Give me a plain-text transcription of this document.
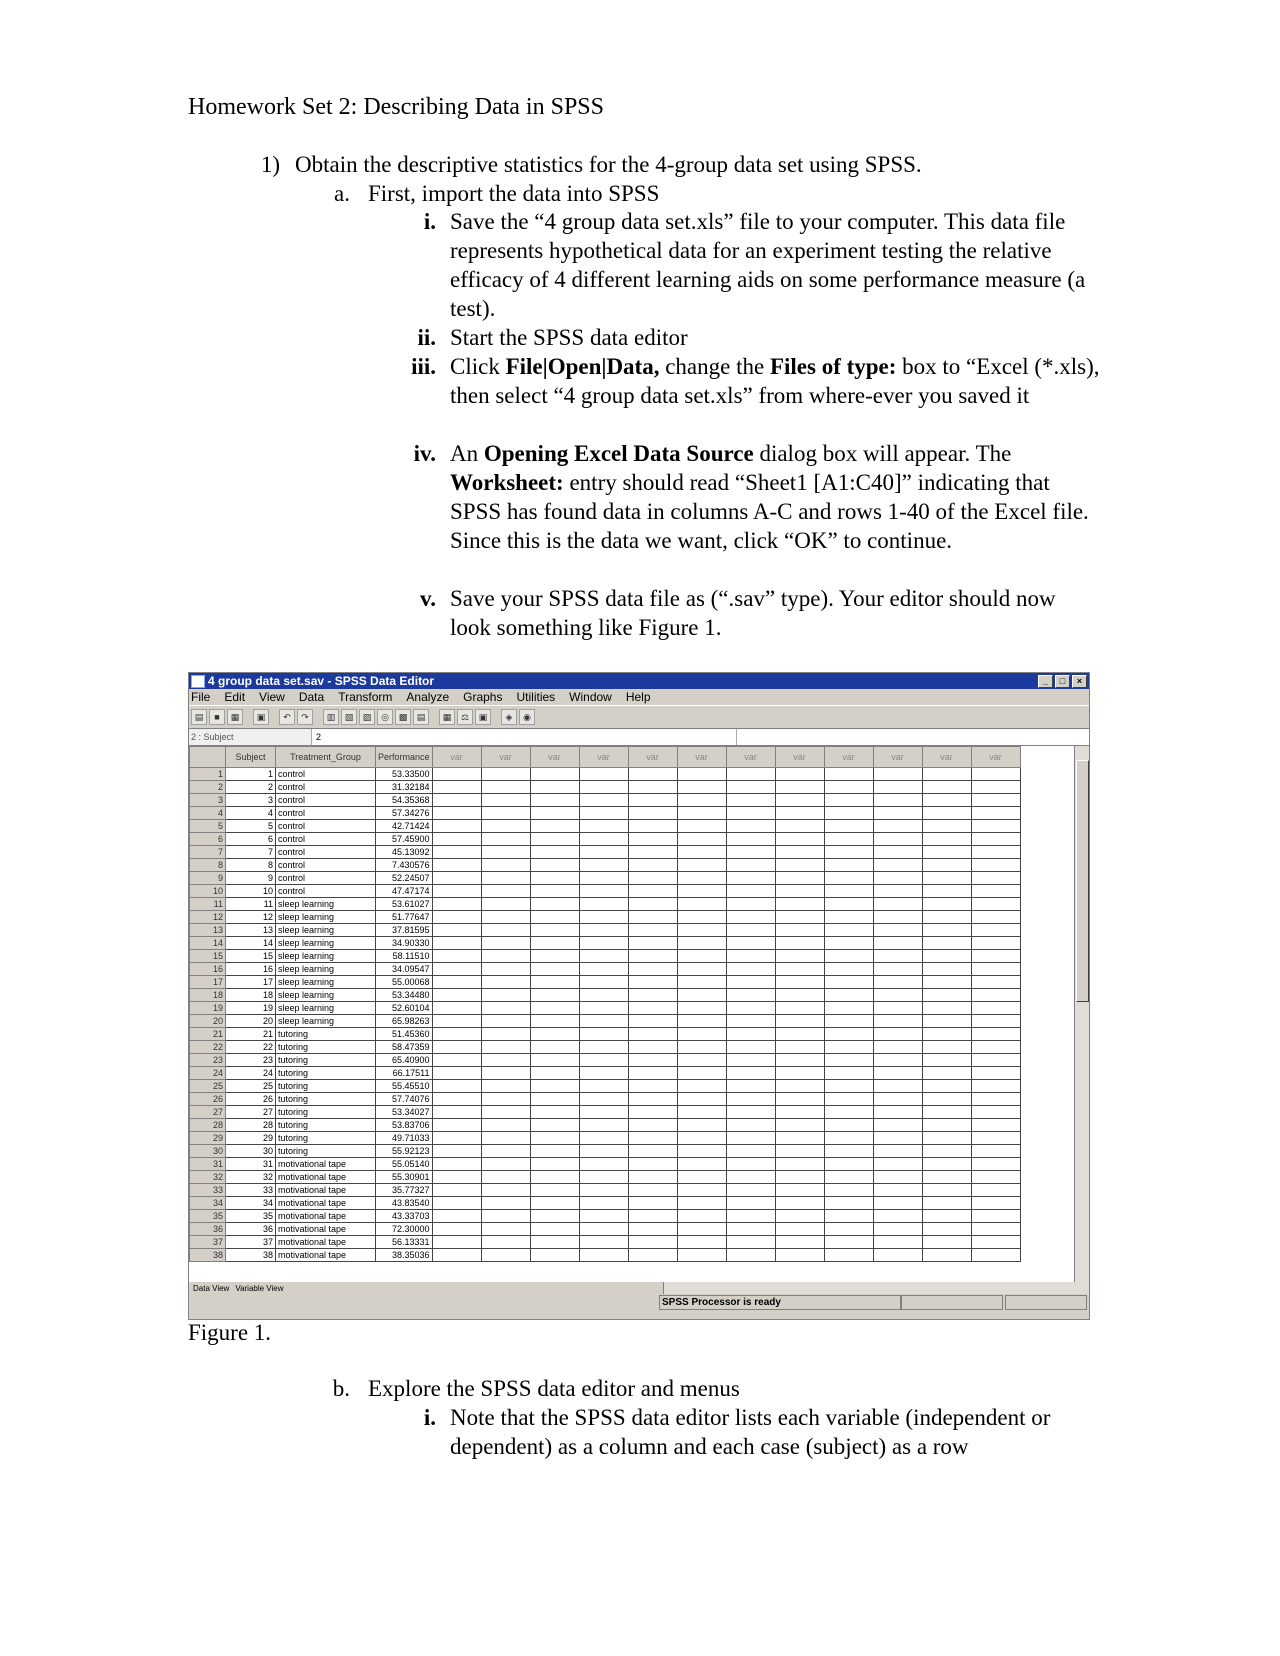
Homework Set 2: Describing Data in SPSS
1) Obtain the descriptive statistics for the 4-group data set using SPSS.
a. First, import the data into SPSS
i. Save the “4 group data set.xls” file to your computer. This data file represents hypothetical data for an experiment testing the relative efficacy of 4 different learning aids on some performance measure (a test).
ii. Start the SPSS data editor
iii. Click File|Open|Data, change the Files of type: box to “Excel (*.xls), then select “4 group data set.xls” from where-ever you saved it
iv. An Opening Excel Data Source dialog box will appear. The Worksheet: entry should read “Sheet1 [A1:C40]” indicating that SPSS has found data in columns A-C and rows 1-40 of the Excel file. Since this is the data we want, click “OK” to continue.
v. Save your SPSS data file as (“.sav” type). Your editor should now look something like Figure 1.
4 group data set.sav - SPSS Data Editor	_	□	×
File Edit View Data Transform Analyze Graphs Utilities Window Help
▤	■	▦	▣	↶	↷	▥	▧	▨	◎	▩	▤	▦	⚖	▣	◈	◉
2 : Subject	2
	Subject	Treatment_Group	Performance	var	var	var	var	var	var	var	var	var	var	var	var
1	1	control	53.33500												
2	2	control	31.32184												
3	3	control	54.35368												
4	4	control	57.34276												
5	5	control	42.71424												
6	6	control	57.45900												
7	7	control	45.13092												
8	8	control	7.430576												
9	9	control	52.24507												
10	10	control	47.47174												
11	11	sleep learning	53.61027												
12	12	sleep learning	51.77647												
13	13	sleep learning	37.81595												
14	14	sleep learning	34.90330												
15	15	sleep learning	58.11510												
16	16	sleep learning	34.09547												
17	17	sleep learning	55.00068												
18	18	sleep learning	53.34480												
19	19	sleep learning	52.60104												
20	20	sleep learning	65.98263												
21	21	tutoring	51.45360												
22	22	tutoring	58.47359												
23	23	tutoring	65.40900												
24	24	tutoring	66.17511												
25	25	tutoring	55.45510												
26	26	tutoring	57.74076												
27	27	tutoring	53.34027												
28	28	tutoring	53.83706												
29	29	tutoring	49.71033												
30	30	tutoring	55.92123												
31	31	motivational tape	55.05140												
32	32	motivational tape	55.30901												
33	33	motivational tape	35.77327												
34	34	motivational tape	43.83540												
35	35	motivational tape	43.33703												
36	36	motivational tape	72.30000												
37	37	motivational tape	56.13331												
38	38	motivational tape	38.35036												
Data View Variable View
SPSS Processor is ready
Figure 1.
b. Explore the SPSS data editor and menus
i. Note that the SPSS data editor lists each variable (independent or dependent) as a column and each case (subject) as a row
